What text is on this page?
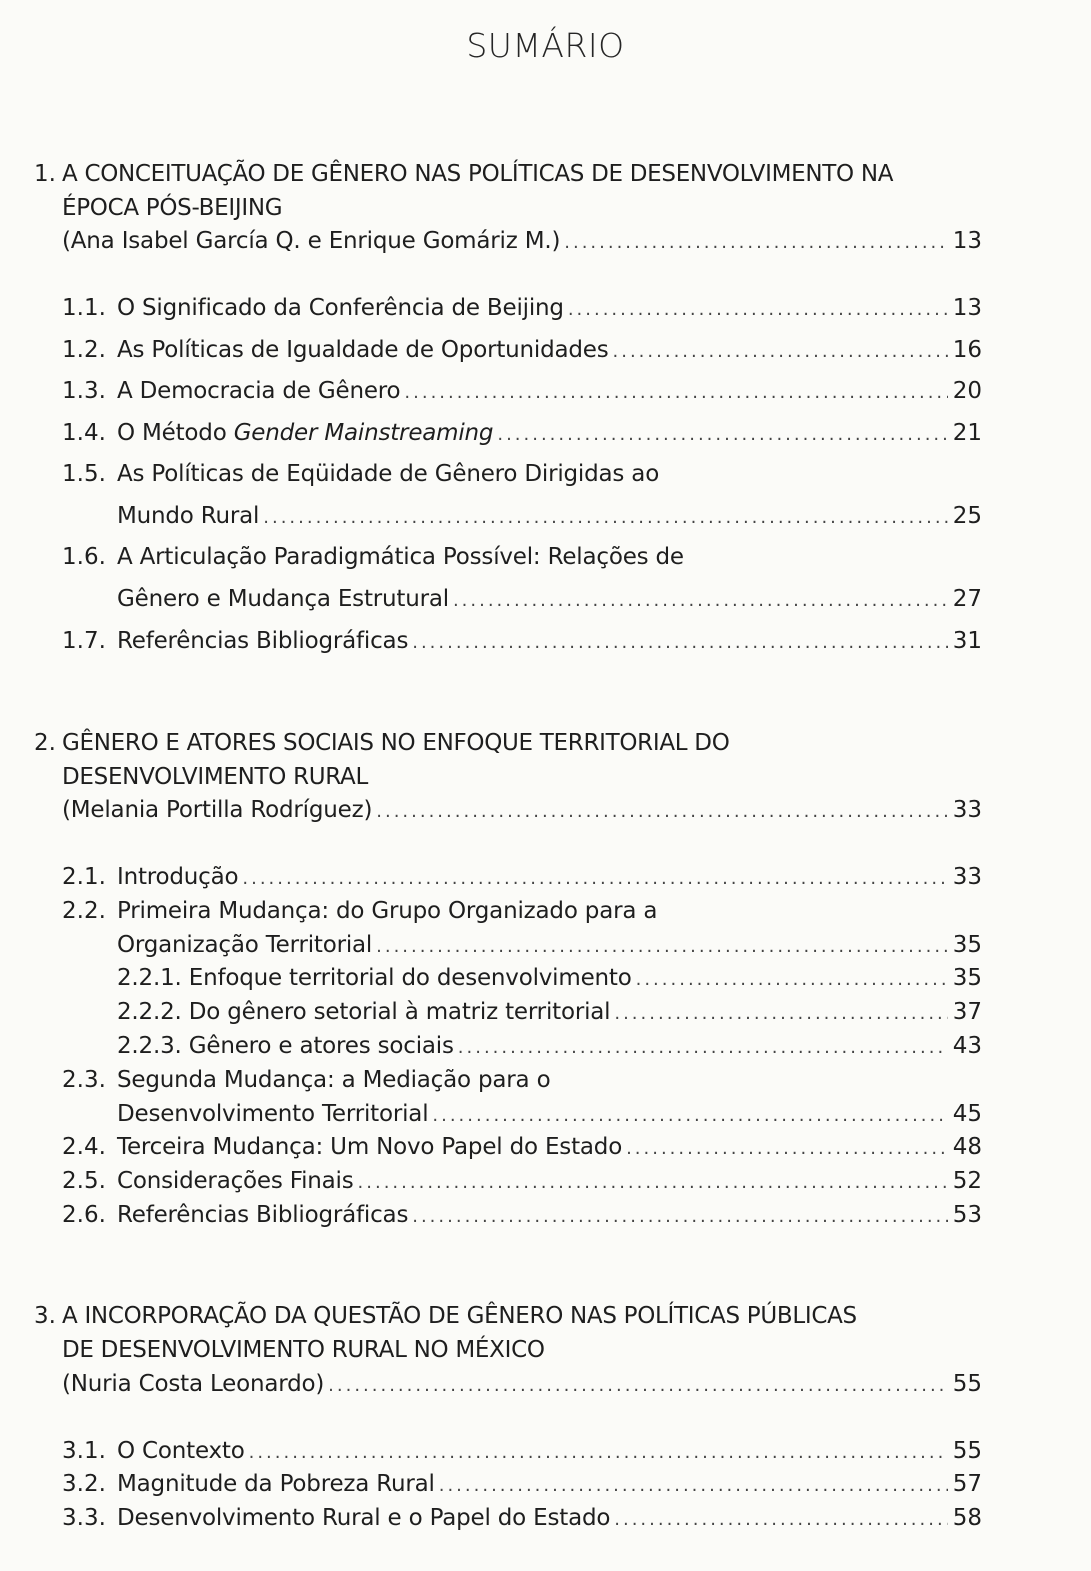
SUMÁRIO
1. A CONCEITUAÇÃO DE GÊNERO NAS POLÍTICAS DE DESENVOLVIMENTO NA
ÉPOCA PÓS-BEIJING
(Ana Isabel García Q. e Enrique Gomáriz M.) .....	13
1.1. O Significado da Conferência de Beijing .....	13
1.2. As Políticas de Igualdade de Oportunidades .....	16
1.3. A Democracia de Gênero .....	20
1.4. O Método Gender Mainstreaming .....	21
1.5. As Políticas de Eqüidade de Gênero Dirigidas ao
Mundo Rural .....	25
1.6. A Articulação Paradigmática Possível: Relações de
Gênero e Mudança Estrutural .....	27
1.7. Referências Bibliográficas .....	31
2. GÊNERO E ATORES SOCIAIS NO ENFOQUE TERRITORIAL DO
DESENVOLVIMENTO RURAL
(Melania Portilla Rodríguez) .....	33
2.1. Introdução .....	33
2.2. Primeira Mudança: do Grupo Organizado para a
Organização Territorial .....	35
2.2.1. Enfoque territorial do desenvolvimento .....	35
2.2.2. Do gênero setorial à matriz territorial .....	37
2.2.3. Gênero e atores sociais .....	43
2.3. Segunda Mudança: a Mediação para o
Desenvolvimento Territorial .....	45
2.4. Terceira Mudança: Um Novo Papel do Estado .....	48
2.5. Considerações Finais .....	52
2.6. Referências Bibliográficas .....	53
3. A INCORPORAÇÃO DA QUESTÃO DE GÊNERO NAS POLÍTICAS PÚBLICAS
DE DESENVOLVIMENTO RURAL NO MÉXICO
(Nuria Costa Leonardo) .....	55
3.1. O Contexto .....	55
3.2. Magnitude da Pobreza Rural .....	57
3.3. Desenvolvimento Rural e o Papel do Estado .....	58
